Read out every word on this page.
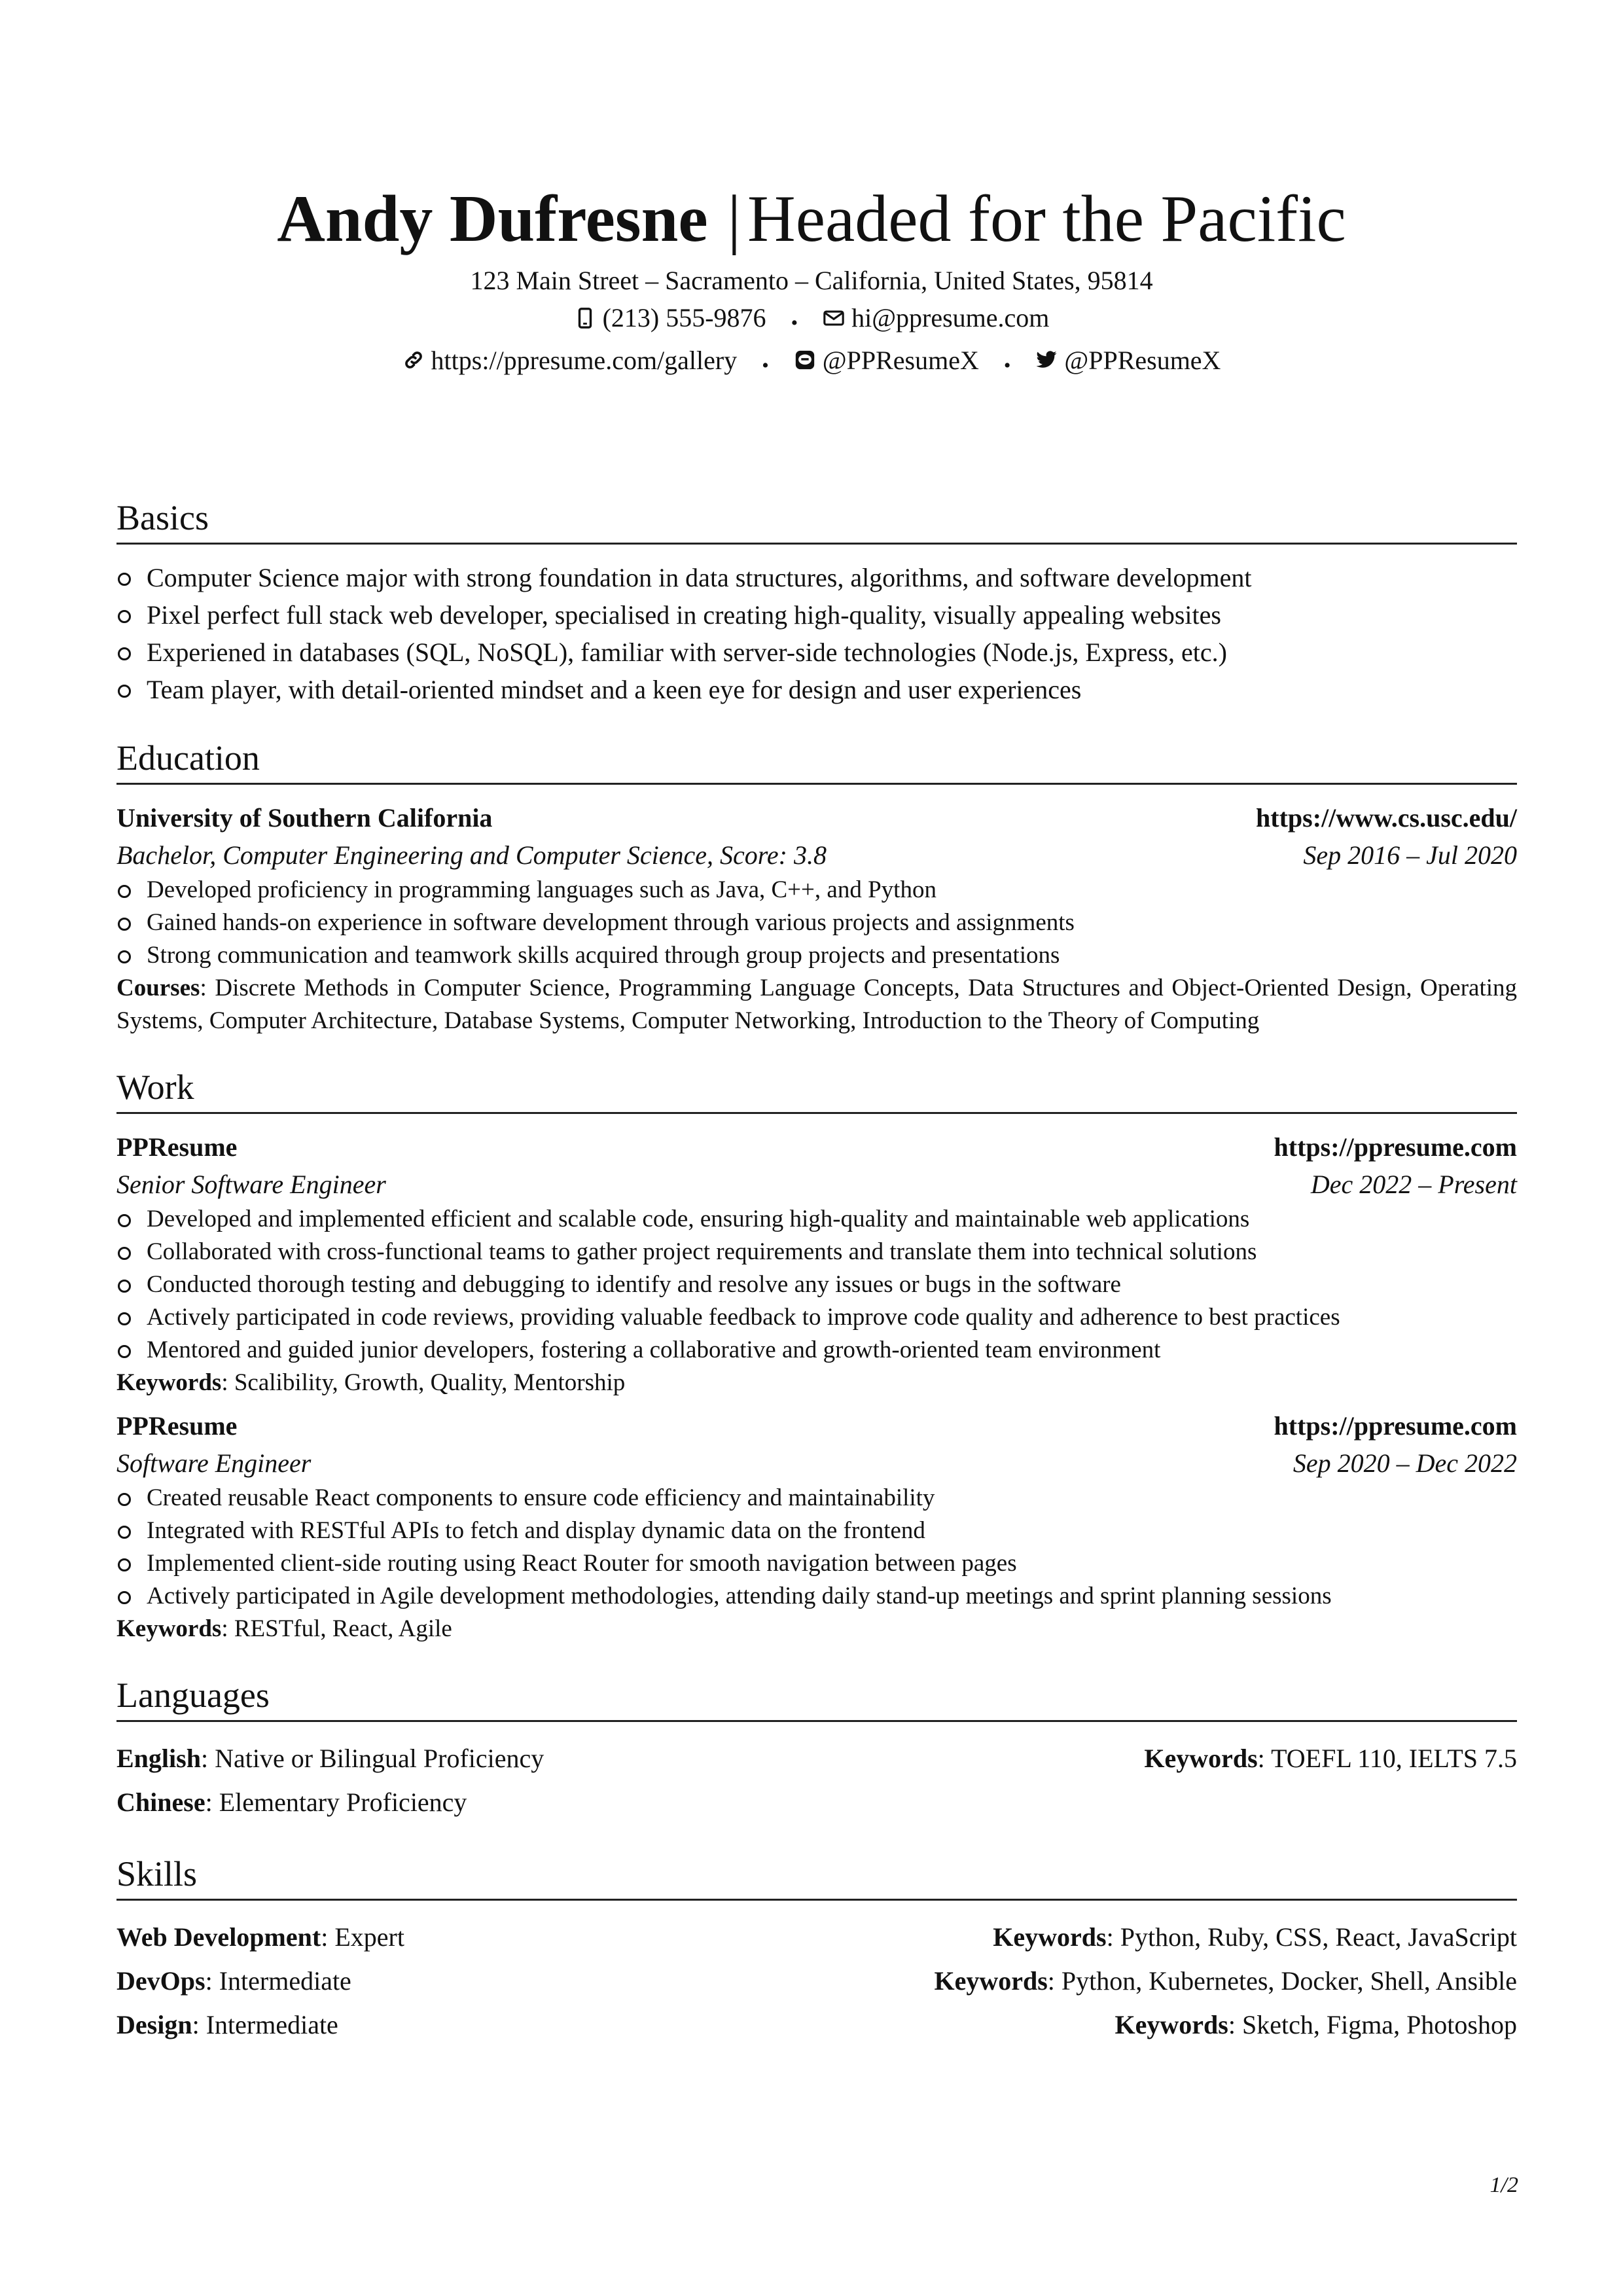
Andy Dufresne |Headed for the Pacific
123 Main Street – Sacramento – California, United States, 95814
(213) 555-9876 • hi@ppresume.com
https://ppresume.com/gallery • @PPResumeX • @PPResumeX
Basics
Computer Science major with strong foundation in data structures, algorithms, and software development
Pixel perfect full stack web developer, specialised in creating high-quality, visually appealing websites
Experiened in databases (SQL, NoSQL), familiar with server-side technologies (Node.js, Express, etc.)
Team player, with detail-oriented mindset and a keen eye for design and user experiences
Education
University of Southern California	https://www.cs.usc.edu/
Bachelor, Computer Engineering and Computer Science, Score: 3.8	Sep 2016 – Jul 2020
Developed proficiency in programming languages such as Java, C++, and Python
Gained hands-on experience in software development through various projects and assignments
Strong communication and teamwork skills acquired through group projects and presentations
Courses: Discrete Methods in Computer Science, Programming Language Concepts, Data Structures and Object-Oriented Design, Operating Systems, Computer Architecture, Database Systems, Computer Networking, Introduction to the Theory of Computing
Work
PPResume	https://ppresume.com
Senior Software Engineer	Dec 2022 – Present
Developed and implemented efficient and scalable code, ensuring high-quality and maintainable web applications
Collaborated with cross-functional teams to gather project requirements and translate them into technical solutions
Conducted thorough testing and debugging to identify and resolve any issues or bugs in the software
Actively participated in code reviews, providing valuable feedback to improve code quality and adherence to best practices
Mentored and guided junior developers, fostering a collaborative and growth-oriented team environment
Keywords: Scalibility, Growth, Quality, Mentorship
PPResume	https://ppresume.com
Software Engineer	Sep 2020 – Dec 2022
Created reusable React components to ensure code efficiency and maintainability
Integrated with RESTful APIs to fetch and display dynamic data on the frontend
Implemented client-side routing using React Router for smooth navigation between pages
Actively participated in Agile development methodologies, attending daily stand-up meetings and sprint planning sessions
Keywords: RESTful, React, Agile
Languages
English: Native or Bilingual Proficiency	Keywords: TOEFL 110, IELTS 7.5
Chinese: Elementary Proficiency
Skills
Web Development: Expert	Keywords: Python, Ruby, CSS, React, JavaScript
DevOps: Intermediate	Keywords: Python, Kubernetes, Docker, Shell, Ansible
Design: Intermediate	Keywords: Sketch, Figma, Photoshop
1/2
